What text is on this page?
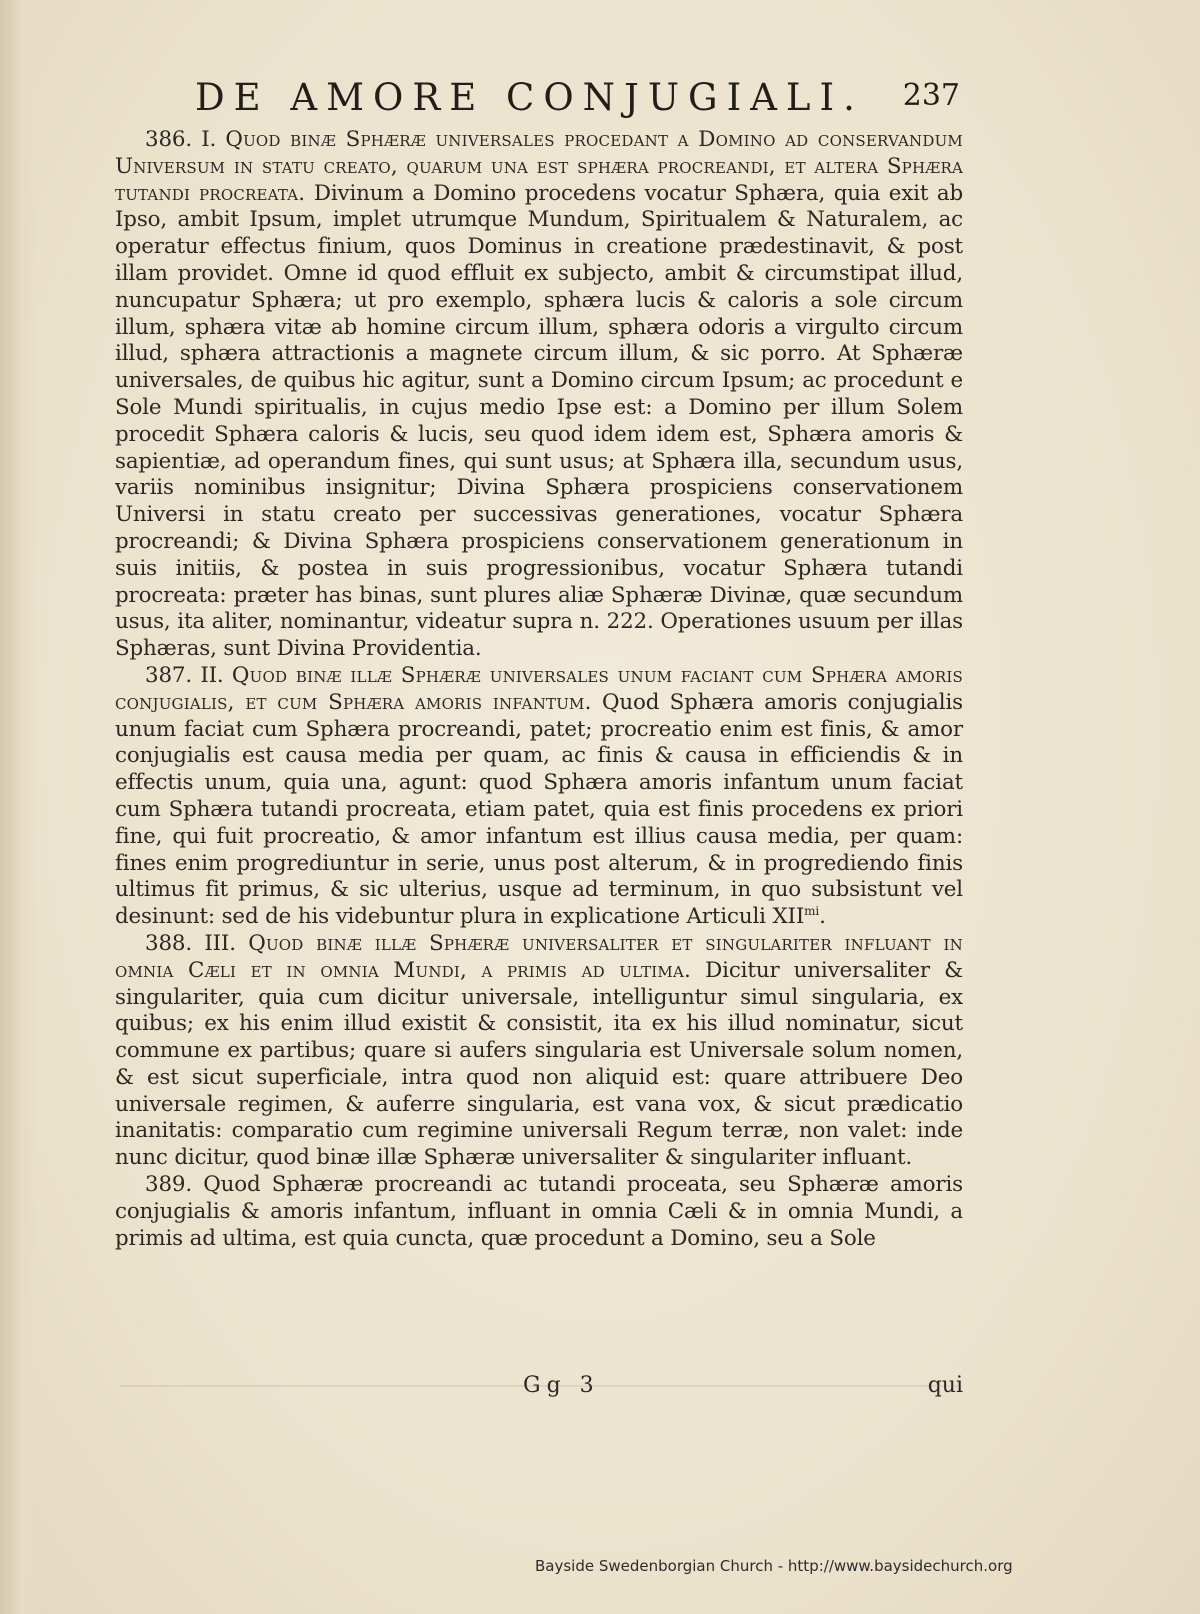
DE AMORE CONJUGIALI. 237

386. I. Quod binæ Sphæræ universales procedant a Domino ad conservandum Universum in statu creato, quarum una est sphæra procreandi, et altera Sphæra tutandi procreata. Divinum a Domino procedens vocatur Sphæra, quia exit ab Ipso, ambit Ipsum, implet utrumque Mundum, Spiritualem & Naturalem, ac operatur effectus finium, quos Dominus in creatione prædestinavit, & post illam providet. Omne id quod effluit ex subjecto, ambit & circumstipat illud, nuncupatur Sphæra; ut pro exemplo, sphæra lucis & caloris a sole circum illum, sphæra vitæ ab homine circum illum, sphæra odoris a virgulto circum illud, sphæra attractionis a magnete circum illum, & sic porro. At Sphæræ universales, de quibus hic agitur, sunt a Domino circum Ipsum; ac procedunt e Sole Mundi spiritualis, in cujus medio Ipse est: a Domino per illum Solem procedit Sphæra caloris & lucis, seu quod idem idem est, Sphæra amoris & sapientiæ, ad operandum fines, qui sunt usus; at Sphæra illa, secundum usus, variis nominibus insignitur; Divina Sphæra prospiciens conservationem Universi in statu creato per successivas generationes, vocatur Sphæra procreandi; & Divina Sphæra prospiciens conservationem generationum in suis initiis, & postea in suis progressionibus, vocatur Sphæra tutandi procreata: præter has binas, sunt plures aliæ Sphæræ Divinæ, quæ secundum usus, ita aliter, nominantur, videatur supra n. 222. Operationes usuum per illas Sphæras, sunt Divina Providentia.

387. II. Quod binæ illæ Sphæræ universales unum faciant cum Sphæra amoris conjugialis, et cum Sphæra amoris infantum. Quod Sphæra amoris conjugialis unum faciat cum Sphæra procreandi, patet; procreatio enim est finis, & amor conjugialis est causa media per quam, ac finis & causa in efficiendis & in effectis unum, quia una, agunt: quod Sphæra amoris infantum unum faciat cum Sphæra tutandi procreata, etiam patet, quia est finis procedens ex priori fine, qui fuit procreatio, & amor infantum est illius causa media, per quam: fines enim progrediuntur in serie, unus post alterum, & in progrediendo finis ultimus fit primus, & sic ulterius, usque ad terminum, in quo subsistunt vel desinunt: sed de his videbuntur plura in explicatione Articuli $XII^{mi}$.

388. III. Quod binæ illæ Sphæræ universaliter et singulariter influant in omnia Cæli et in omnia Mundi, a primis ad ultima. Dicitur universaliter & singulariter, quia cum dicitur universale, intelliguntur simul singularia, ex quibus; ex his enim illud existit & consistit, ita ex his illud nominatur, sicut commune ex partibus; quare si aufers singularia est Universale solum nomen, & est sicut superficiale, intra quod non aliquid est: quare attribuere Deo universale regimen, & auferre singularia, est vana vox, & sicut prædicatio inanitatis: comparatio cum regimine universali Regum terræ, non valet: inde nunc dicitur, quod binæ illæ Sphæræ universaliter & singulariter influant.

389. Quod Sphæræ procreandi ac tutandi proceata, seu Sphæræ amoris conjugialis & amoris infantum, influant in omnia Cæli & in omnia Mundi, a primis ad ultima, est quia cuncta, quæ procedunt a Domino, seu a Sole

Gg 3	qui
Bayside Swedenborgian Church - http://www.baysidechurch.org
